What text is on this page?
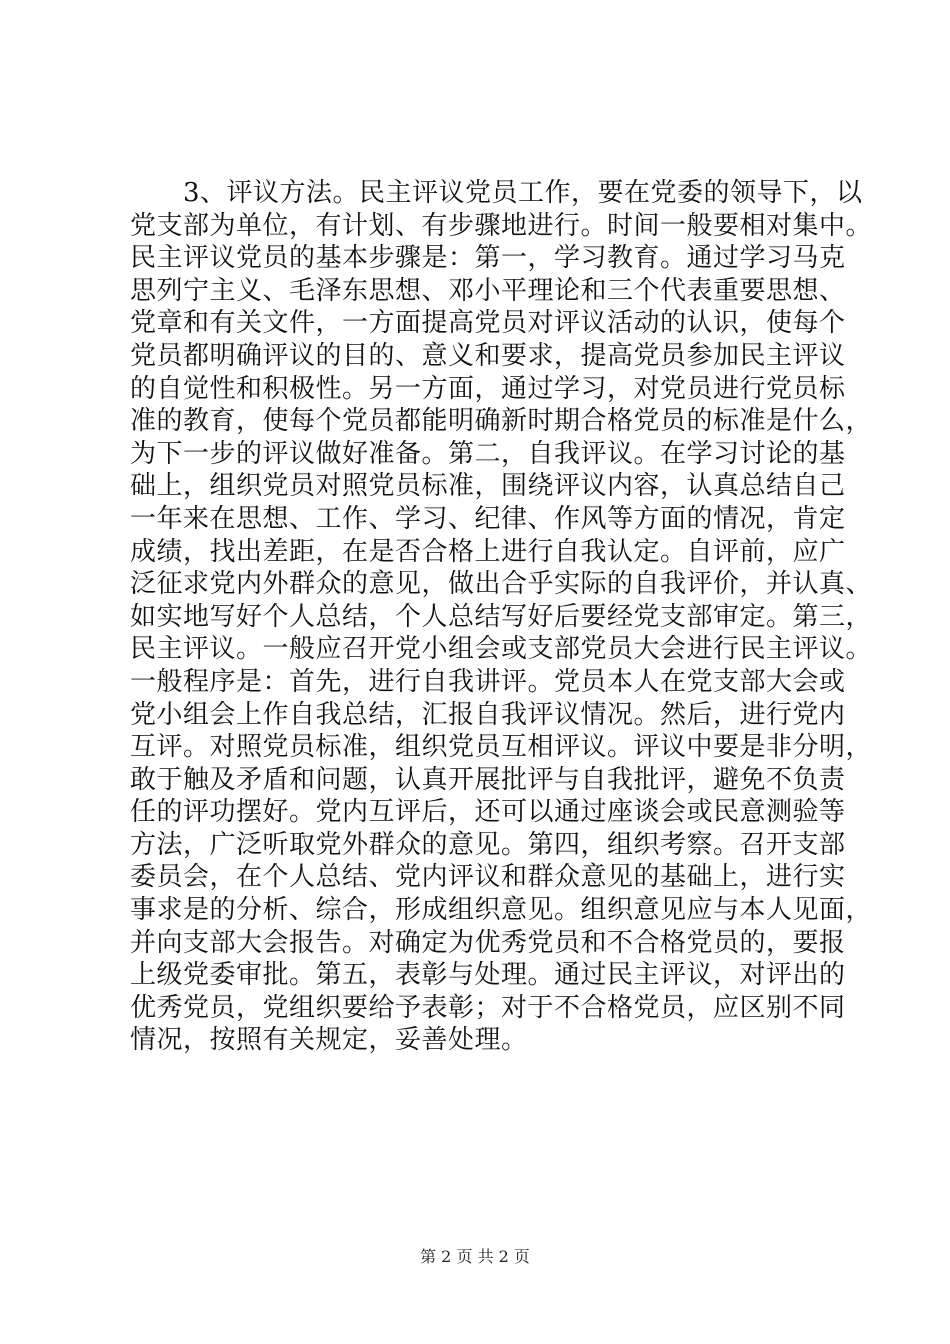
　　3、评议方法。民主评议党员工作，要在党委的领导下，以
党支部为单位，有计划、有步骤地进行。时间一般要相对集中。
民主评议党员的基本步骤是：第一，学习教育。通过学习马克
思列宁主义、毛泽东思想、邓小平理论和三个代表重要思想、
党章和有关文件，一方面提高党员对评议活动的认识，使每个
党员都明确评议的目的、意义和要求，提高党员参加民主评议
的自觉性和积极性。另一方面，通过学习，对党员进行党员标
准的教育，使每个党员都能明确新时期合格党员的标准是什么，
为下一步的评议做好准备。第二，自我评议。在学习讨论的基
础上，组织党员对照党员标准，围绕评议内容，认真总结自己
一年来在思想、工作、学习、纪律、作风等方面的情况，肯定
成绩，找出差距，在是否合格上进行自我认定。自评前，应广
泛征求党内外群众的意见，做出合乎实际的自我评价，并认真、
如实地写好个人总结，个人总结写好后要经党支部审定。第三，
民主评议。一般应召开党小组会或支部党员大会进行民主评议。
一般程序是：首先，进行自我讲评。党员本人在党支部大会或
党小组会上作自我总结，汇报自我评议情况。然后，进行党内
互评。对照党员标准，组织党员互相评议。评议中要是非分明，
敢于触及矛盾和问题，认真开展批评与自我批评，避免不负责
任的评功摆好。党内互评后，还可以通过座谈会或民意测验等
方法，广泛听取党外群众的意见。第四，组织考察。召开支部
委员会，在个人总结、党内评议和群众意见的基础上，进行实
事求是的分析、综合，形成组织意见。组织意见应与本人见面，
并向支部大会报告。对确定为优秀党员和不合格党员的，要报
上级党委审批。第五，表彰与处理。通过民主评议，对评出的
优秀党员，党组织要给予表彰；对于不合格党员，应区别不同
情况，按照有关规定，妥善处理。
第 2 页 共 2 页
